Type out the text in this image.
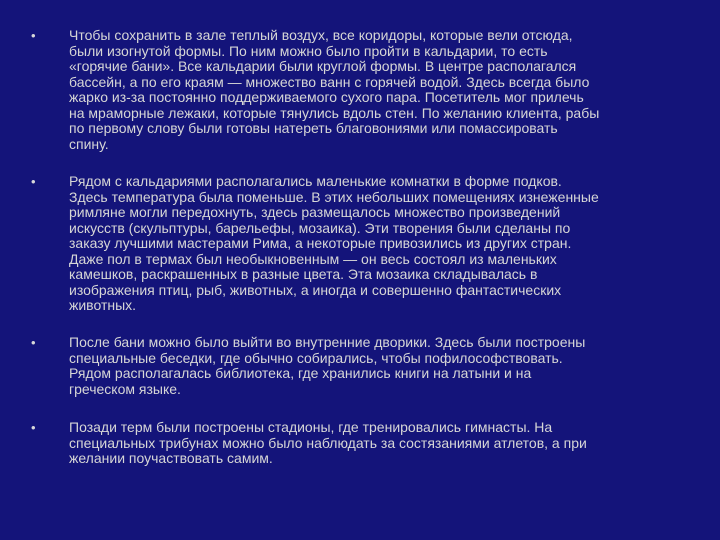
• Чтобы сохранить в зале теплый воздух, все коридоры, которые вели отсюда,
были изогнутой формы. По ним можно было пройти в кальдарии, то есть
«горячие бани». Все кальдарии были круглой формы. В центре располагался
бассейн, а по его краям — множество ванн с горячей водой. Здесь всегда было
жарко из-за постоянно поддерживаемого сухого пара. Посетитель мог прилечь
на мраморные лежаки, которые тянулись вдоль стен. По желанию клиента, рабы
по первому слову были готовы натереть благовониями или помассировать
спину.

• Рядом с кальдариями располагались маленькие комнатки в форме подков.
Здесь температура была поменьше. В этих небольших помещениях изнеженные
римляне могли передохнуть, здесь размещалось множество произведений
искусств (скульптуры, барельефы, мозаика). Эти творения были сделаны по
заказу лучшими мастерами Рима, а некоторые привозились из других стран.
Даже пол в термах был необыкновенным — он весь состоял из маленьких
камешков, раскрашенных в разные цвета. Эта мозаика складывалась в
изображения птиц, рыб, животных, а иногда и совершенно фантастических
животных.

• После бани можно было выйти во внутренние дворики. Здесь были построены
специальные беседки, где обычно собирались, чтобы пофилософствовать.
Рядом располагалась библиотека, где хранились книги на латыни и на
греческом языке.

• Позади терм были построены стадионы, где тренировались гимнасты. На
специальных трибунах можно было наблюдать за состязаниями атлетов, а при
желании поучаствовать самим.
